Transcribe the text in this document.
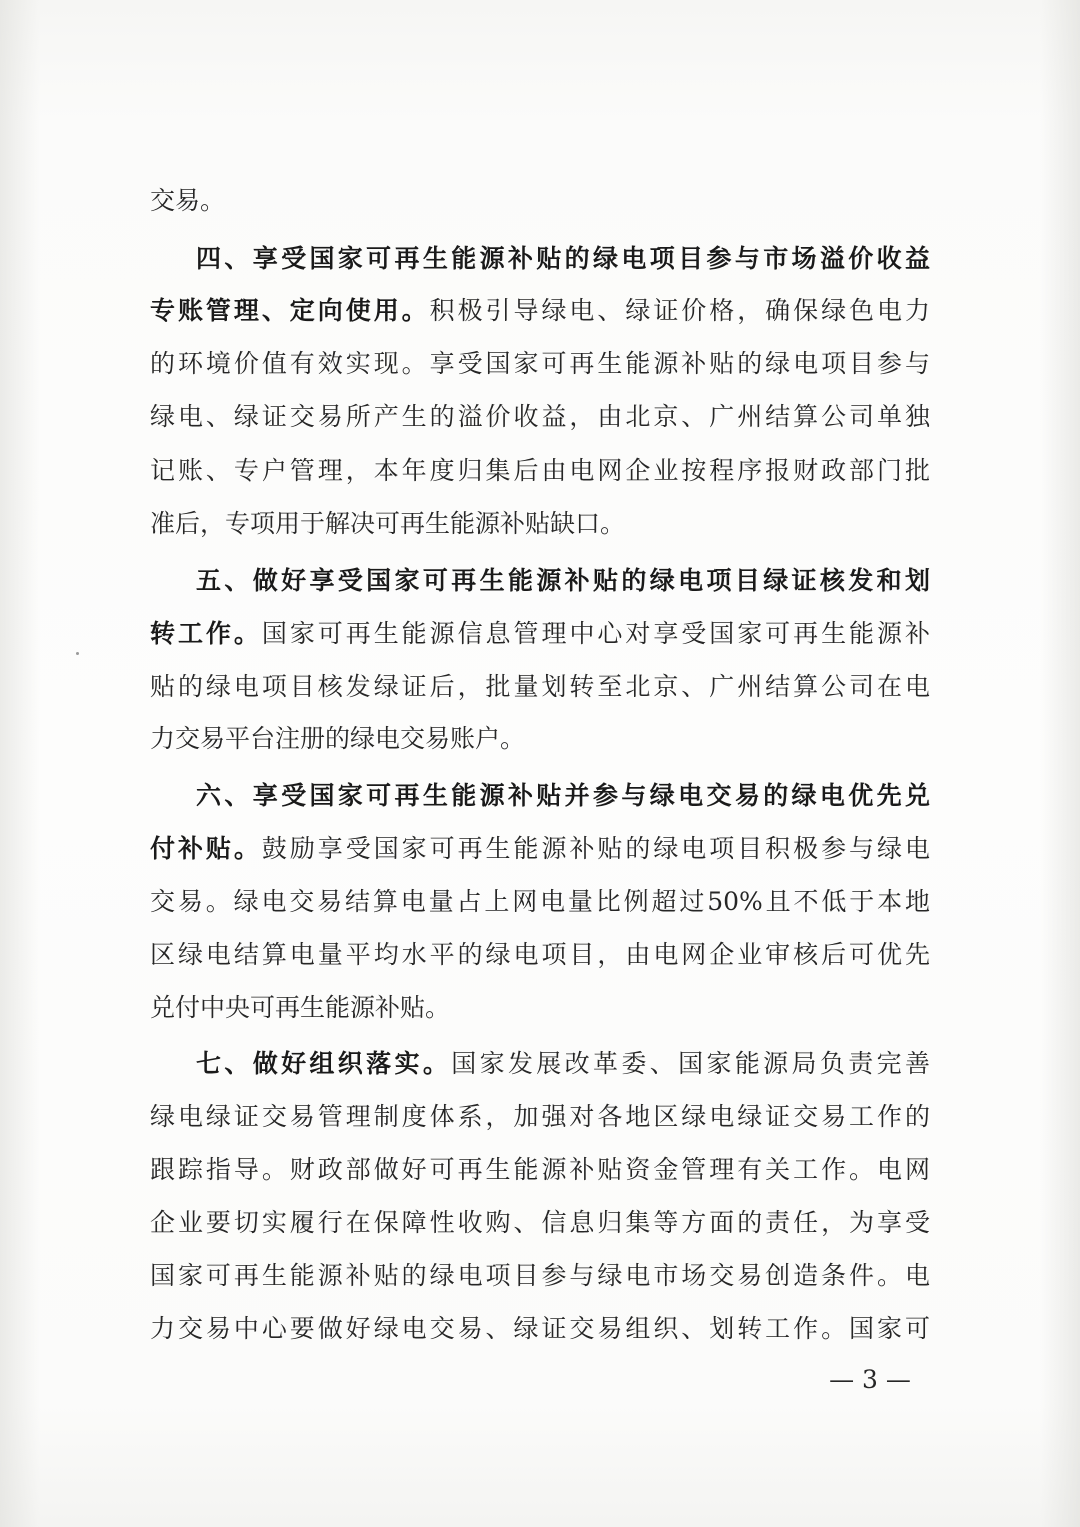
交易。

四、享受国家可再生能源补贴的绿电项目参与市场溢价收益

专账管理、定向使用。积极引导绿电、绿证价格，确保绿色电力

的环境价值有效实现。享受国家可再生能源补贴的绿电项目参与

绿电、绿证交易所产生的溢价收益，由北京、广州结算公司单独

记账、专户管理，本年度归集后由电网企业按程序报财政部门批

准后，专项用于解决可再生能源补贴缺口。

五、做好享受国家可再生能源补贴的绿电项目绿证核发和划

转工作。国家可再生能源信息管理中心对享受国家可再生能源补

贴的绿电项目核发绿证后，批量划转至北京、广州结算公司在电

力交易平台注册的绿电交易账户。

六、享受国家可再生能源补贴并参与绿电交易的绿电优先兑

付补贴。鼓励享受国家可再生能源补贴的绿电项目积极参与绿电

交易。绿电交易结算电量占上网电量比例超过50%且不低于本地

区绿电结算电量平均水平的绿电项目，由电网企业审核后可优先

兑付中央可再生能源补贴。

七、做好组织落实。国家发展改革委、国家能源局负责完善

绿电绿证交易管理制度体系，加强对各地区绿电绿证交易工作的

跟踪指导。财政部做好可再生能源补贴资金管理有关工作。电网

企业要切实履行在保障性收购、信息归集等方面的责任，为享受

国家可再生能源补贴的绿电项目参与绿电市场交易创造条件。电

力交易中心要做好绿电交易、绿证交易组织、划转工作。国家可

— 3 —
